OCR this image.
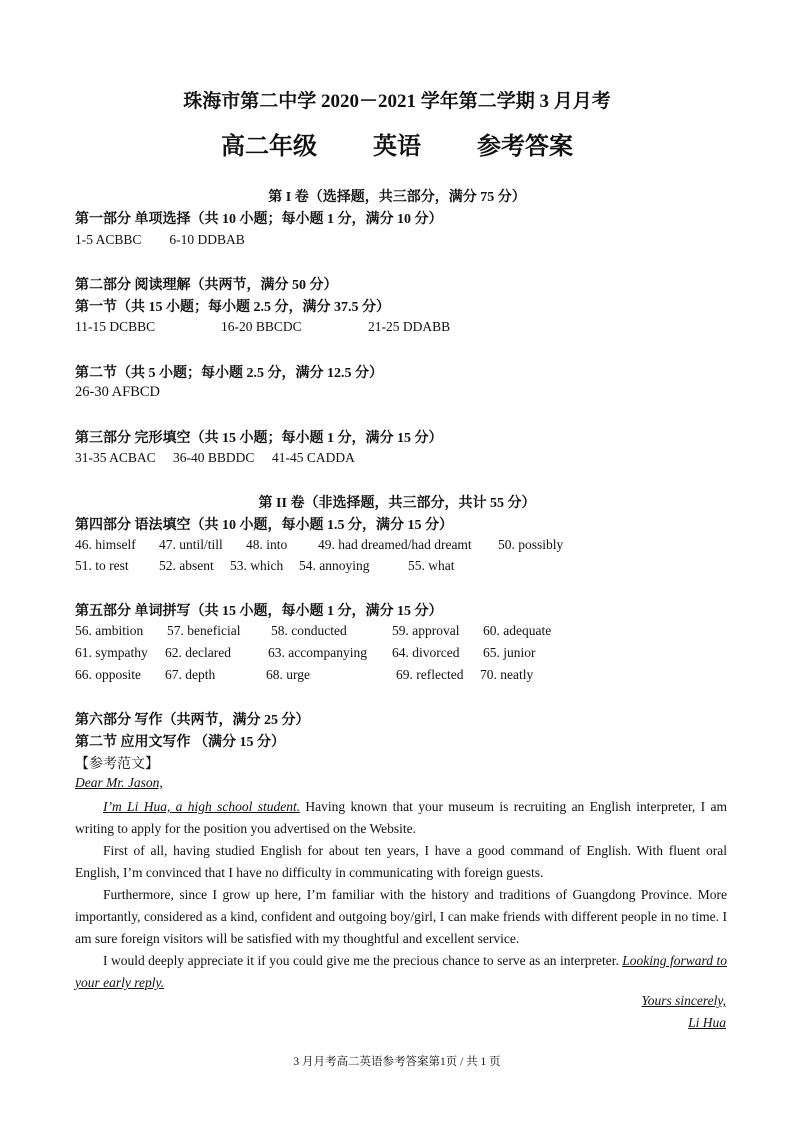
珠海市第二中学 2020－2021 学年第二学期 3 月月考
高二年级 英语 参考答案
第 I 卷（选择题，共三部分，满分 75 分）
第一部分 单项选择（共 10 小题；每小题 1 分，满分 10 分）
1-5 ACBBC 6-10 DDBAB
第二部分 阅读理解（共两节，满分 50 分）
第一节（共 15 小题；每小题 2.5 分，满分 37.5 分）
11-15 DCBBC	16-20 BBCDC	21-25 DDABB
第二节（共 5 小题；每小题 2.5 分，满分 12.5 分）
26-30 AFBCD
第三部分 完形填空（共 15 小题；每小题 1 分，满分 15 分）
31-35 ACBAC 36-40 BBDDC 41-45 CADDA
第 II 卷（非选择题，共三部分，共计 55 分）
第四部分 语法填空（共 10 小题，每小题 1.5 分，满分 15 分）
46. himself 47. until/till 48. into 49. had dreamed/had dreamt 50. possibly
51. to rest 52. absent 53. which 54. annoying	55. what
第五部分 单词拼写（共 15 小题，每小题 1 分，满分 15 分）
56. ambition 57. beneficial 58. conducted	59. approval 60. adequate
61. sympathy 62. declared	63. accompanying 64. divorced 65. junior
66. opposite 67. depth	68. urge	69. reflected 70. neatly
第六部分 写作（共两节，满分 25 分）
第二节 应用文写作 （满分 15 分）
【参考范文】
Dear Mr. Jason,

I’m Li Hua, a high school student. Having known that your museum is recruiting an English interpreter, I am writing to apply for the position you advertised on the Website.

First of all, having studied English for about ten years, I have a good command of English. With fluent oral English, I’m convinced that I have no difficulty in communicating with foreign guests.

Furthermore, since I grow up here, I’m familiar with the history and traditions of Guangdong Province. More importantly, considered as a kind, confident and outgoing boy/girl, I can make friends with different people in no time. I am sure foreign visitors will be satisfied with my thoughtful and excellent service.

I would deeply appreciate it if you could give me the precious chance to serve as an interpreter. Looking forward to your early reply.

Yours sincerely,
Li Hua
3 月月考高二英语参考答案第1页 / 共 1 页
